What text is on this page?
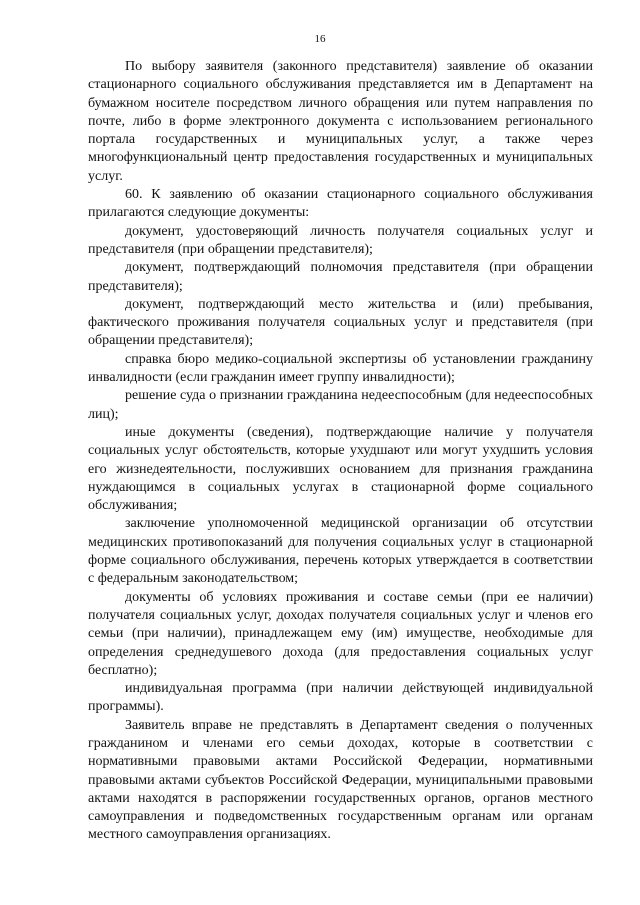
16

По выбору заявителя (законного представителя) заявление об оказании стационарного социального обслуживания представляется им в Департамент на бумажном носителе посредством личного обращения или путем направления по почте, либо в форме электронного документа с использованием регионального портала государственных и муниципальных услуг, а также через многофункциональный центр предоставления государственных и муниципальных услуг.

60. К заявлению об оказании стационарного социального обслуживания прилагаются следующие документы:

документ, удостоверяющий личность получателя социальных услуг и представителя (при обращении представителя);

документ, подтверждающий полномочия представителя (при обращении представителя);

документ, подтверждающий место жительства и (или) пребывания, фактического проживания получателя социальных услуг и представителя (при обращении представителя);

справка бюро медико-социальной экспертизы об установлении гражданину инвалидности (если гражданин имеет группу инвалидности);

решение суда о признании гражданина недееспособным (для недееспособных лиц);

иные документы (сведения), подтверждающие наличие у получателя социальных услуг обстоятельств, которые ухудшают или могут ухудшить условия его жизнедеятельности, послуживших основанием для признания гражданина нуждающимся в социальных услугах в стационарной форме социального обслуживания;

заключение уполномоченной медицинской организации об отсутствии медицинских противопоказаний для получения социальных услуг в стационарной форме социального обслуживания, перечень которых утверждается в соответствии с федеральным законодательством;

документы об условиях проживания и составе семьи (при ее наличии) получателя социальных услуг, доходах получателя социальных услуг и членов его семьи (при наличии), принадлежащем ему (им) имуществе, необходимые для определения среднедушевого дохода (для предоставления социальных услуг бесплатно);

индивидуальная программа (при наличии действующей индивидуальной программы).

Заявитель вправе не представлять в Департамент сведения о полученных гражданином и членами его семьи доходах, которые в соответствии с нормативными правовыми актами Российской Федерации, нормативными правовыми актами субъектов Российской Федерации, муниципальными правовыми актами находятся в распоряжении государственных органов, органов местного самоуправления и подведомственных государственным органам или органам местного самоуправления организациях.
